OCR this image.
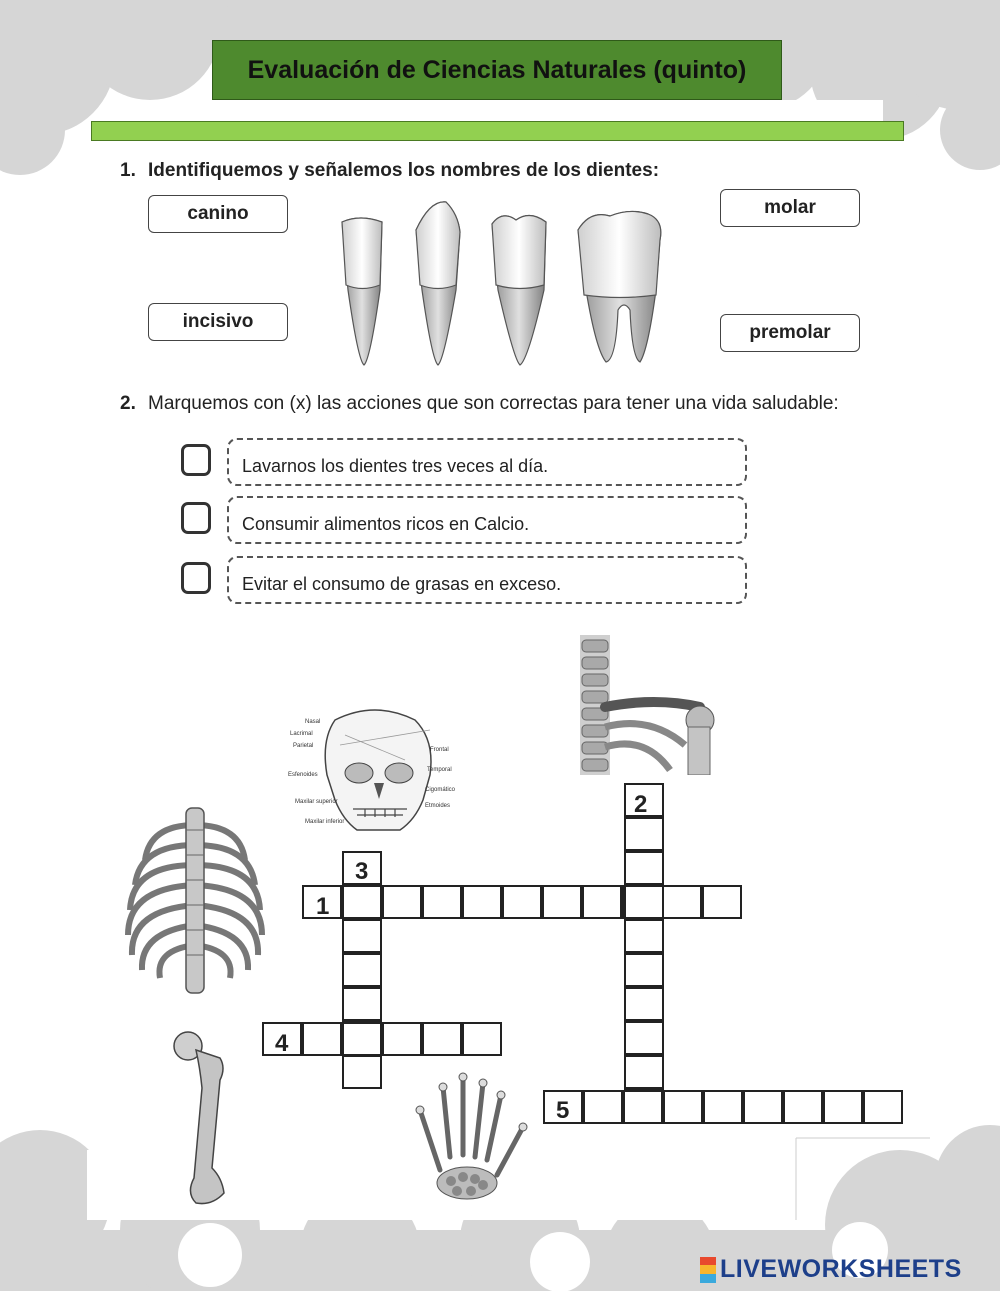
Evaluación de Ciencias Naturales (quinto)
1. Identifiquemos y señalemos los nombres de los dientes:
canino
incisivo
molar
premolar
2. Marquemos con (x) las acciones que son correctas para tener una vida saludable:
Lavarnos los dientes tres veces al día.
Consumir alimentos ricos en Calcio.
Evitar el consumo de grasas en exceso.
Nasal
Lacrimal
Parietal
Esfenoides
Maxilar superior
Maxilar inferior
Frontal
Temporal
Cigomático
Etmoides
1
2
3
4
5
LIVEWORKSHEETS
